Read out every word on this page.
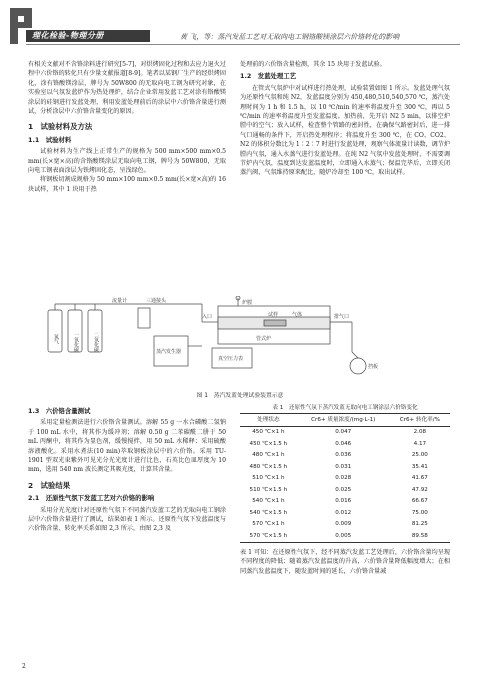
理化检验-物理分册	黄 飞，等：蒸汽发蓝工艺对无取向电工钢铬酸镁涂层六价铬转化的影响

有相关文献对不含铬涂料进行研究[5-7]，对烘烤固化过程和去应力退火过程中六价铬的转化只有少量文献报道[8-9]。笔者以某钢厂生产的经烘烤固化，涂有铬酸镁涂层，牌号为 50W800 的无取向电工钢为研究对象，在实验室以气氛发蓝炉作为热处理炉，结合企业常用发蓝工艺对涂有铬酸镁涂层的硅钢进行发蓝处理，利用发蓝处理前后的涂层中六价铬含量进行测试，分析涂层中六价铬含量变化的原因。

1　试验材料及方法
1.1　试验材料

试验材料为生产线上正常生产的规格为 500 mm×500 mm×0.5 mm(长×宽×高)的含铬酸镁涂层无取向电工钢，牌号为 50W800，无取向电工钢表面涂层为铁烤固化态，呈浅绿色。

将钢板切割成规格为 50 mm×100 mm×0.5 mm(长×宽×高)的 16 块试样，其中 1 块用于热

处理前的六价铬含量检测，其余 15 块用于发蓝试验。

1.2　发蓝处理工艺

在管式气氛炉中对试样进行热处理，试验装置如图 1 所示。发蓝处理气氛为还原性气氛和纯 N2，发蓝温度分别为 450,480,510,540,570 ℃，蒸汽处理时间为 1 h 和 1.5 h，以 10 ℃/min 的速率将温度升至 300 ℃，再以 5 ℃/min 的速率将温度升至发蓝温度。加热前，先开启 N2 5 min，以排空炉膛中的空气；放入试样，检查整个管路的密封性，在确保气路密封后，进一排气口通畅的条件下，开启热处理程序；将温度升至 300 ℃，在 CO、CO2、N2 的体积分数比为 1∶2∶7 时进行发蓝处理，观察气体流量计读数，调节炉膛内气氛，通入水蒸气进行发蓝处理。在纯 N2 气氛中发蓝处理时，不需要调节炉内气氛，温度到达发蓝温度时，立即通入水蒸气；保温完毕后，立即关闭蒸汽阀，气氛维持原来配比，随炉冷却至 100 ℃，取出试样。

氮气	一氧化碳	二氧化碳
流量计	三通接头
入口
蒸汽发生器
炉膛
试样	气体	排气口
管式炉
真空压力表
挡板
图 1　蒸汽发蓝处理试验装置示意
1.3　六价铬含量测试

采用定量检测法进行六价铬含量测试。溶解 55 g 一水合磷酸二氢钠于 100 mL 水中，将其作为缓冲剂；溶解 0.50 g 二苯碳酰二肼于 50 mL 丙酮中，将其作为显色剂，缓慢搅拌，用 50 mL 水稀释；采用硫酸溶液酸化。采用水煮法(10 min)萃取钢板涂层中的六价铬。采用 TU-1901 型双光束紫外可见光分光光度计进行比色，石英比色皿厚度为 10 mm，选用 540 nm 波长测定其吸光度，计算其含量。

2　试验结果
2.1　还原性气氛下发蓝工艺对六价铬的影响

采用分光光度计对还原性气氛下不同蒸汽发蓝工艺的无取向电工钢涂层中六价铬含量进行了测试，结果如表 1 所示。还原性气氛下发蓝温度与六价铬含量、转化率关系如图 2,3 所示，由图 2,3 及

表 1　还原性气氛下蒸汽发蓝无取向电工钢涂层六价铬变化

处理状态	Cr6+ 质量浓度/(mg·L-1)	Cr6+ 转化率/%
450 ℃×1 h	0.047	2.08
450 ℃×1.5 h	0.046	4.17
480 ℃×1 h	0.036	25.00
480 ℃×1.5 h	0.031	35.41
510 ℃×1 h	0.028	41.67
510 ℃×1.5 h	0.025	47.92
540 ℃×1 h	0.016	66.67
540 ℃×1.5 h	0.012	75.00
570 ℃×1 h	0.009	81.25
570 ℃×1.5 h	0.005	89.58

表 1 可知：在还原性气氛下，经不同蒸汽发蓝工艺处理后，六价铬含量均呈现不同程度的降低；随着蒸汽发蓝温度的升高，六价铬含量降低幅度增大；在相同蒸汽发蓝温度下，随发蓝时间的延长，六价铬含量减

2
